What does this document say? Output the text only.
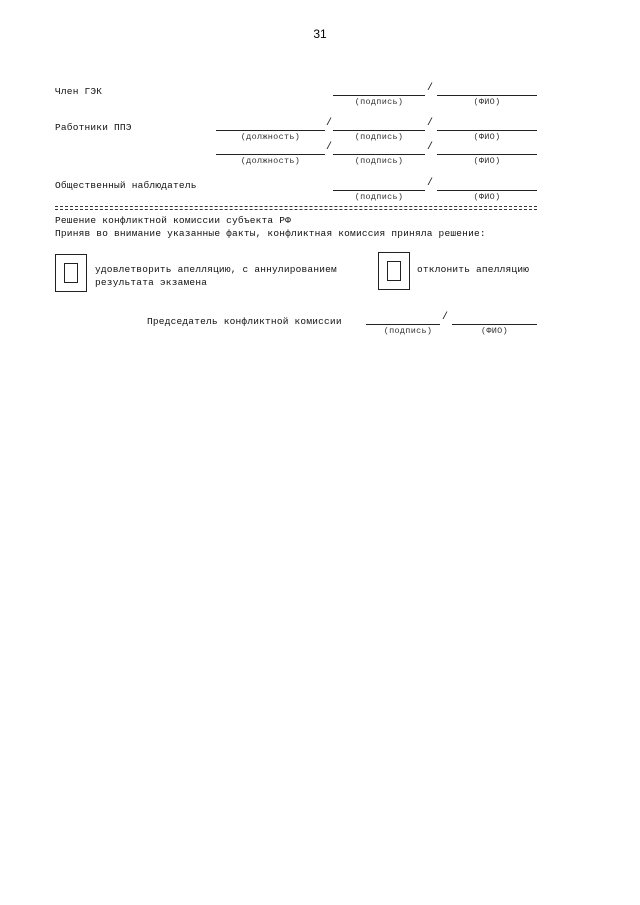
31
Член ГЭК	/
(подпись)	(ФИО)
Работники ППЭ	/	/
(должность)	(подпись)	(ФИО)
/	/
(должность)	(подпись)	(ФИО)
Общественный наблюдатель	/
(подпись)	(ФИО)
Решение конфликтной комиссии субъекта РФ
Приняв во внимание указанные факты, конфликтная комиссия приняла решение:
удовлетворить апелляцию, с аннулированием
результата экзамена
отклонить апелляцию
Председатель конфликтной комиссии	/
(подпись)	(ФИО)
